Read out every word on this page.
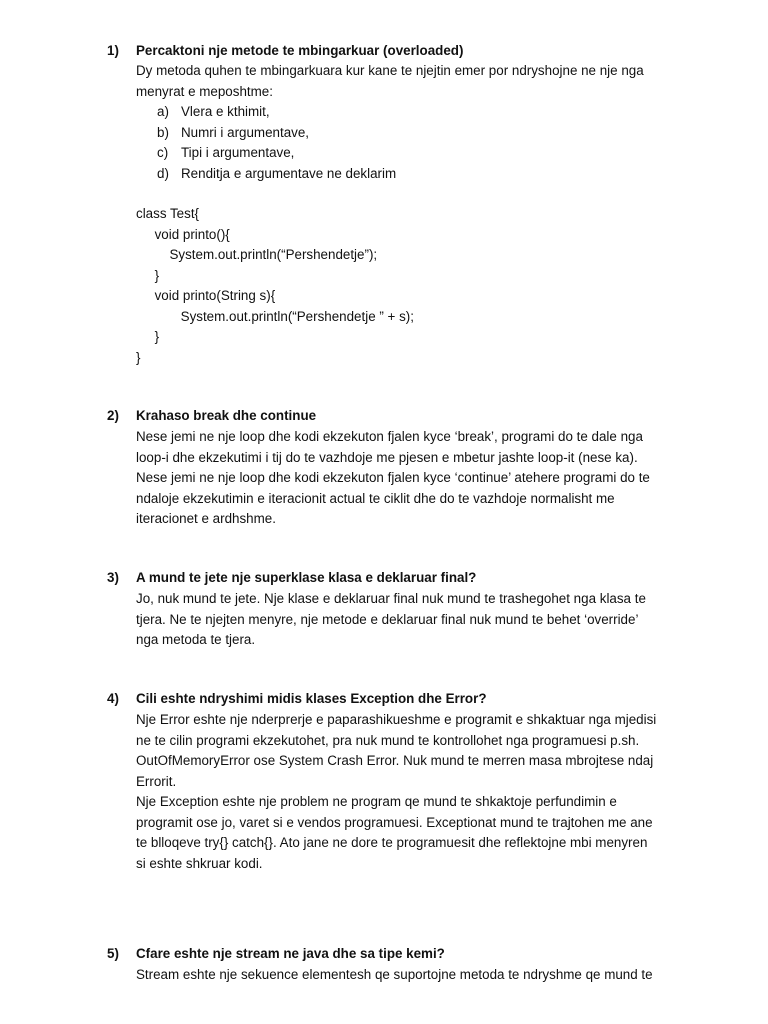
1) Percaktoni nje metode te mbingarkuar (overloaded)
Dy metoda quhen te mbingarkuara kur kane te njejtin emer por ndryshojne ne nje nga
menyrat e meposhtme:
a) Vlera e kthimit,
b) Numri i argumentave,
c) Tipi i argumentave,
d) Renditja e argumentave ne deklarim
class Test{
void printo(){
System.out.println(“Pershendetje”);
}
void printo(String s){
System.out.println(“Pershendetje ” + s);
}
}
2) Krahaso break dhe continue
Nese jemi ne nje loop dhe kodi ekzekuton fjalen kyce ‘break’, programi do te dale nga
loop-i dhe ekzekutimi i tij do te vazhdoje me pjesen e mbetur jashte loop-it (nese ka).
Nese jemi ne nje loop dhe kodi ekzekuton fjalen kyce ‘continue’ atehere programi do te
ndaloje ekzekutimin e iteracionit actual te ciklit dhe do te vazhdoje normalisht me
iteracionet e ardhshme.
3) A mund te jete nje superklase klasa e deklaruar final?
Jo, nuk mund te jete. Nje klase e deklaruar final nuk mund te trashegohet nga klasa te
tjera. Ne te njejten menyre, nje metode e deklaruar final nuk mund te behet ‘override’
nga metoda te tjera.
4) Cili eshte ndryshimi midis klases Exception dhe Error?
Nje Error eshte nje nderprerje e paparashikueshme e programit e shkaktuar nga mjedisi
ne te cilin programi ekzekutohet, pra nuk mund te kontrollohet nga programuesi p.sh.
OutOfMemoryError ose System Crash Error. Nuk mund te merren masa mbrojtese ndaj
Errorit.
Nje Exception eshte nje problem ne program qe mund te shkaktoje perfundimin e
programit ose jo, varet si e vendos programuesi. Exceptionat mund te trajtohen me ane
te blloqeve try{} catch{}. Ato jane ne dore te programuesit dhe reflektojne mbi menyren
si eshte shkruar kodi.
5) Cfare eshte nje stream ne java dhe sa tipe kemi?
Stream eshte nje sekuence elementesh qe suportojne metoda te ndryshme qe mund te
